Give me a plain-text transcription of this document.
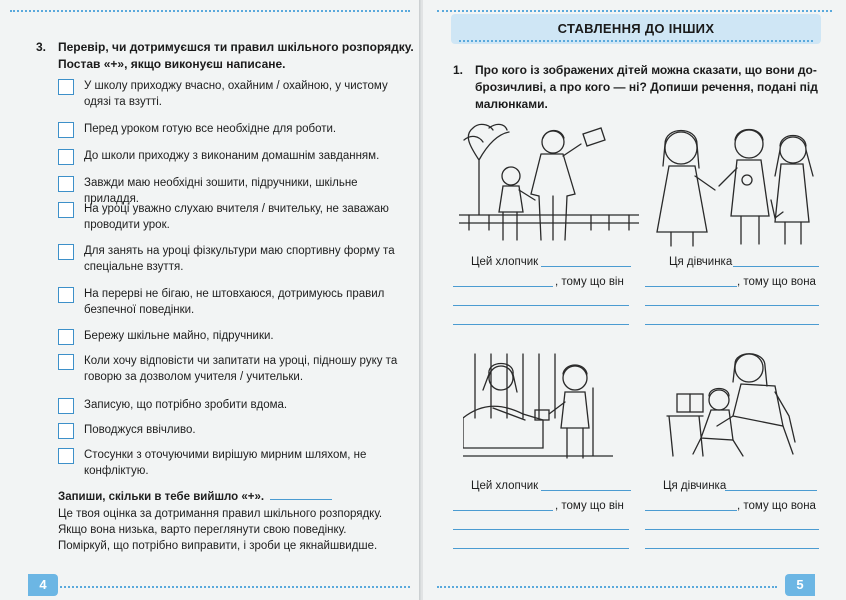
3. Перевір, чи дотримуєшся ти правил шкільного розпорядку.
Постав «+», якщо виконуєш написане.
У школу приходжу вчасно, охайним / охайною, у чистому одязі та взутті.
Перед уроком готую все необхідне для роботи.
До школи приходжу з виконаним домашнім завданням.
Завжди маю необхідні зошити, підручники, шкільне приладдя.
На уроці уважно слухаю вчителя / вчительку, не заважаю проводити урок.
Для занять на уроці фізкультури маю спортивну форму та спеціальне взуття.
На перерві не бігаю, не штовхаюся, дотримуюсь правил безпечної поведінки.
Бережу шкільне майно, підручники.
Коли хочу відповісти чи запитати на уроці, підношу руку та говорю за дозволом учителя / учительки.
Записую, що потрібно зробити вдома.
Поводжуся ввічливо.
Стосунки з оточуючими вирішую мирним шляхом, не конфліктую.
Запиши, скільки в тебе вийшло «+».
Це твоя оцінка за дотримання правил шкільного розпорядку.
Якщо вона низька, варто переглянути свою поведінку.
Поміркуй, що потрібно виправити, і зроби це якнайшвидше.
4
СТАВЛЕННЯ ДО ІНШИХ
1. Про кого із зображених дітей можна сказати, що вони до-
брозичливі, а про кого — ні? Допиши речення, подані під
малюнками.
Цей хлопчик	Ця дівчинка
, тому що він	, тому що вона
Цей хлопчик	Ця дівчинка
, тому що він	, тому що вона
5
